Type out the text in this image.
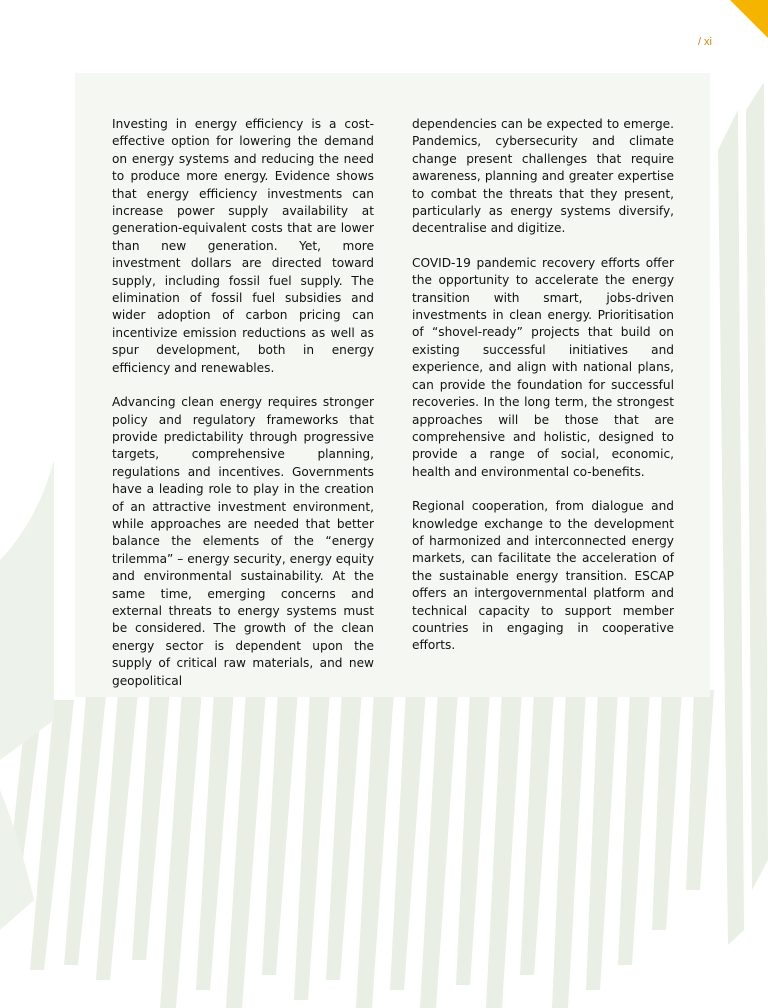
/ xi

Investing in energy efficiency is a cost-effective option for lowering the demand on energy systems and reducing the need to produce more energy. Evidence shows that energy efficiency investments can increase power supply availability at generation-equivalent costs that are lower than new generation. Yet, more investment dollars are directed toward supply, including fossil fuel supply. The elimination of fossil fuel subsidies and wider adoption of carbon pricing can incentivize emission reductions as well as spur development, both in energy efficiency and renewables.

Advancing clean energy requires stronger policy and regulatory frameworks that provide predictability through progressive targets, comprehensive planning, regulations and incentives. Governments have a leading role to play in the creation of an attractive investment environment, while approaches are needed that better balance the elements of the “energy trilemma” – energy security, energy equity and environmental sustainability. At the same time, emerging concerns and external threats to energy systems must be considered. The growth of the clean energy sector is dependent upon the supply of critical raw materials, and new geopolitical

dependencies can be expected to emerge. Pandemics, cybersecurity and climate change present challenges that require awareness, planning and greater expertise to combat the threats that they present, particularly as energy systems diversify, decentralise and digitize.

COVID-19 pandemic recovery efforts offer the opportunity to accelerate the energy transition with smart, jobs-driven investments in clean energy. Prioritisation of “shovel-ready” projects that build on existing successful initiatives and experience, and align with national plans, can provide the foundation for successful recoveries. In the long term, the strongest approaches will be those that are comprehensive and holistic, designed to provide a range of social, economic, health and environmental co-benefits.

Regional cooperation, from dialogue and knowledge exchange to the development of harmonized and interconnected energy markets, can facilitate the acceleration of the sustainable energy transition. ESCAP offers an intergovernmental platform and technical capacity to support member countries in engaging in cooperative efforts.
